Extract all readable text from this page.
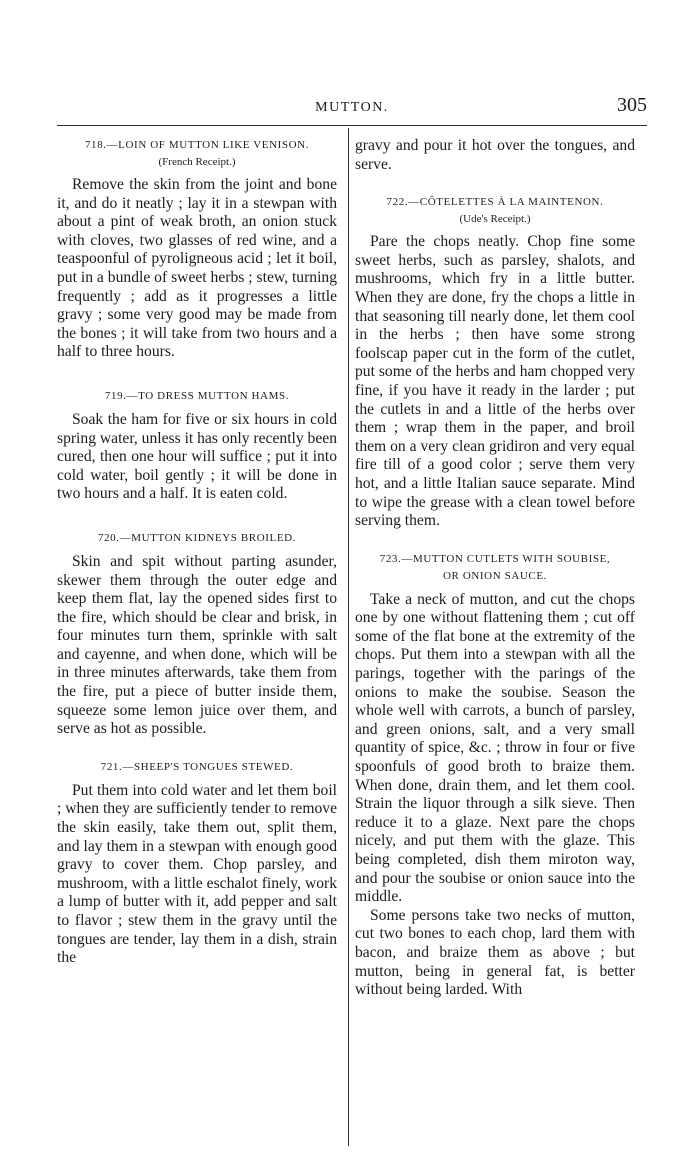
MUTTON.	305

718.—LOIN OF MUTTON LIKE VENISON.

(French Receipt.)

Remove the skin from the joint and bone it, and do it neatly ; lay it in a stewpan with about a pint of weak broth, an onion stuck with cloves, two glasses of red wine, and a teaspoonful of pyroligneous acid ; let it boil, put in a bundle of sweet herbs ; stew, turning frequently ; add as it progresses a little gravy ; some very good may be made from the bones ; it will take from two hours and a half to three hours.

719.—TO DRESS MUTTON HAMS.

Soak the ham for five or six hours in cold spring water, unless it has only recently been cured, then one hour will suffice ; put it into cold water, boil gently ; it will be done in two hours and a half. It is eaten cold.

720.—MUTTON KIDNEYS BROILED.

Skin and spit without parting asunder, skewer them through the outer edge and keep them flat, lay the opened sides first to the fire, which should be clear and brisk, in four minutes turn them, sprinkle with salt and cayenne, and when done, which will be in three minutes afterwards, take them from the fire, put a piece of butter inside them, squeeze some lemon juice over them, and serve as hot as possible.

721.—SHEEP'S TONGUES STEWED.

Put them into cold water and let them boil ; when they are sufficiently tender to remove the skin easily, take them out, split them, and lay them in a stewpan with enough good gravy to cover them. Chop parsley, and mushroom, with a little eschalot finely, work a lump of butter with it, add pepper and salt to flavor ; stew them in the gravy until the tongues are tender, lay them in a dish, strain the

gravy and pour it hot over the tongues, and serve.

722.—CÔTELETTES À LA MAINTENON.

(Ude's Receipt.)

Pare the chops neatly. Chop fine some sweet herbs, such as parsley, shalots, and mushrooms, which fry in a little butter. When they are done, fry the chops a little in that seasoning till nearly done, let them cool in the herbs ; then have some strong foolscap paper cut in the form of the cutlet, put some of the herbs and ham chopped very fine, if you have it ready in the larder ; put the cutlets in and a little of the herbs over them ; wrap them in the paper, and broil them on a very clean gridiron and very equal fire till of a good color ; serve them very hot, and a little Italian sauce separate. Mind to wipe the grease with a clean towel before serving them.

723.—MUTTON CUTLETS WITH SOUBISE,

OR ONION SAUCE.

Take a neck of mutton, and cut the chops one by one without flattening them ; cut off some of the flat bone at the extremity of the chops. Put them into a stewpan with all the parings, together with the parings of the onions to make the soubise. Season the whole well with carrots, a bunch of parsley, and green onions, salt, and a very small quantity of spice, &c. ; throw in four or five spoonfuls of good broth to braize them. When done, drain them, and let them cool. Strain the liquor through a silk sieve. Then reduce it to a glaze. Next pare the chops nicely, and put them with the glaze. This being completed, dish them miroton way, and pour the soubise or onion sauce into the middle.

Some persons take two necks of mutton, cut two bones to each chop, lard them with bacon, and braize them as above ; but mutton, being in general fat, is better without being larded. With
